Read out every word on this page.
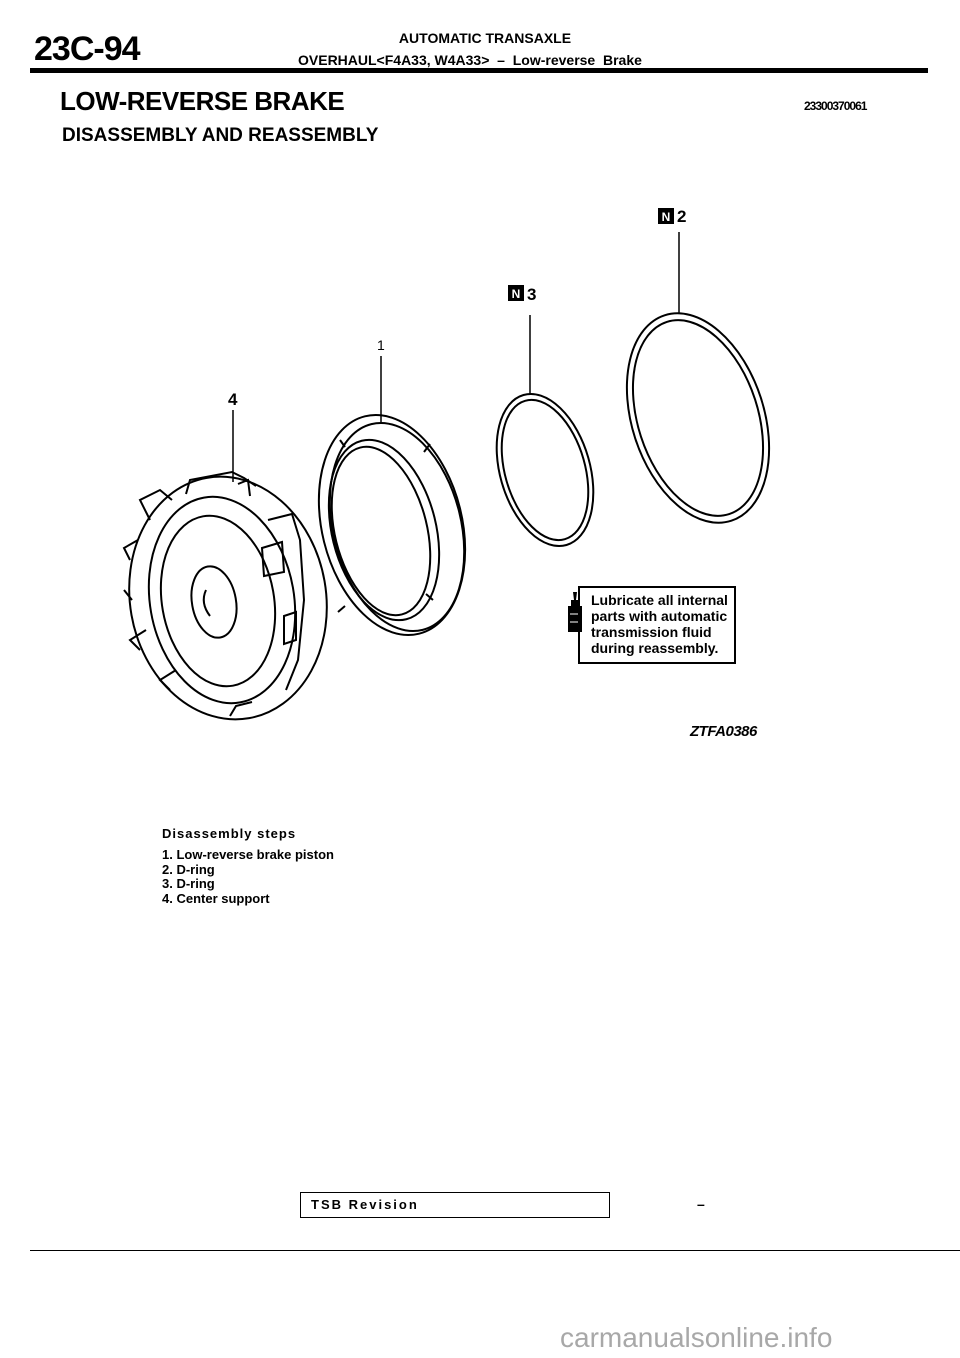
23C-94	AUTOMATIC TRANSAXLE
OVERHAUL<F4A33, W4A33>  –  Low-reverse  Brake
LOW-REVERSE BRAKE	23300370061
DISASSEMBLY AND REASSEMBLY
N
N
2
3
1
4
Lubricate all internal
parts with automatic
transmission fluid
during reassembly.
ZTFA0386
Disassembly steps
1. Low-reverse brake piston
2. D-ring
3. D-ring
4. Center support
TSB Revision	–
carmanualsonline.info
